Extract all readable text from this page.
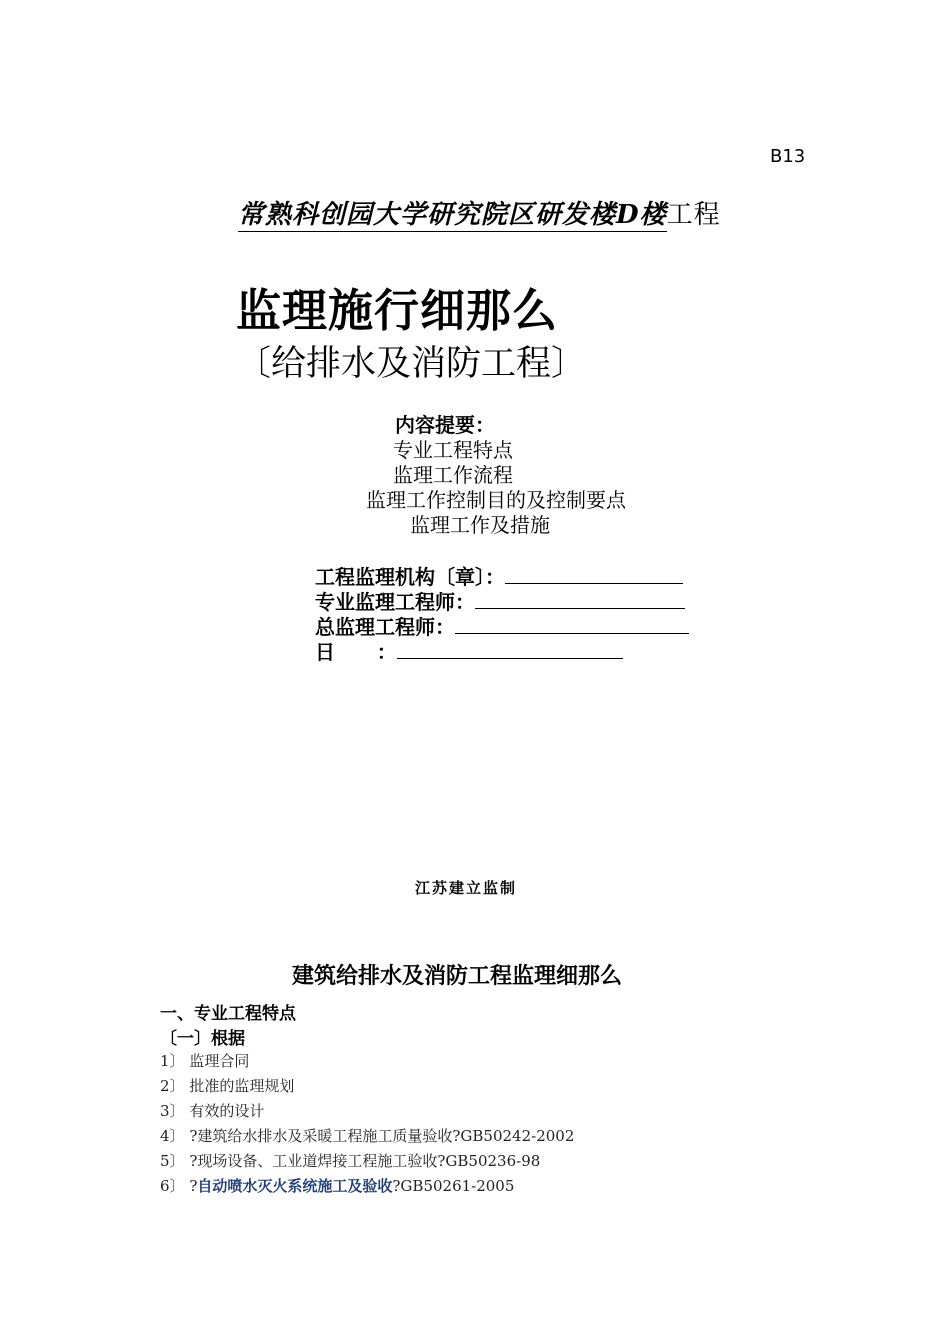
B13
常熟科创园大学研究院区研发楼D楼工程
监理施行细那么
〔给排水及消防工程〕
内容提要：
专业工程特点
监理工作流程
监理工作控制目的及控制要点
监理工作及措施
工程监理机构〔章〕：
专业监理工程师：
总监理工程师：
日      ：
江苏建立监制
建筑给排水及消防工程监理细那么
一、专业工程特点
〔一〕根据
1〕 监理合同
2〕 批准的监理规划
3〕 有效的设计
4〕 ?建筑给水排水及采暖工程施工质量验收?GB50242-2002
5〕 ?现场设备、工业道焊接工程施工验收?GB50236-98
6〕 ?自动喷水灭火系统施工及验收?GB50261-2005
